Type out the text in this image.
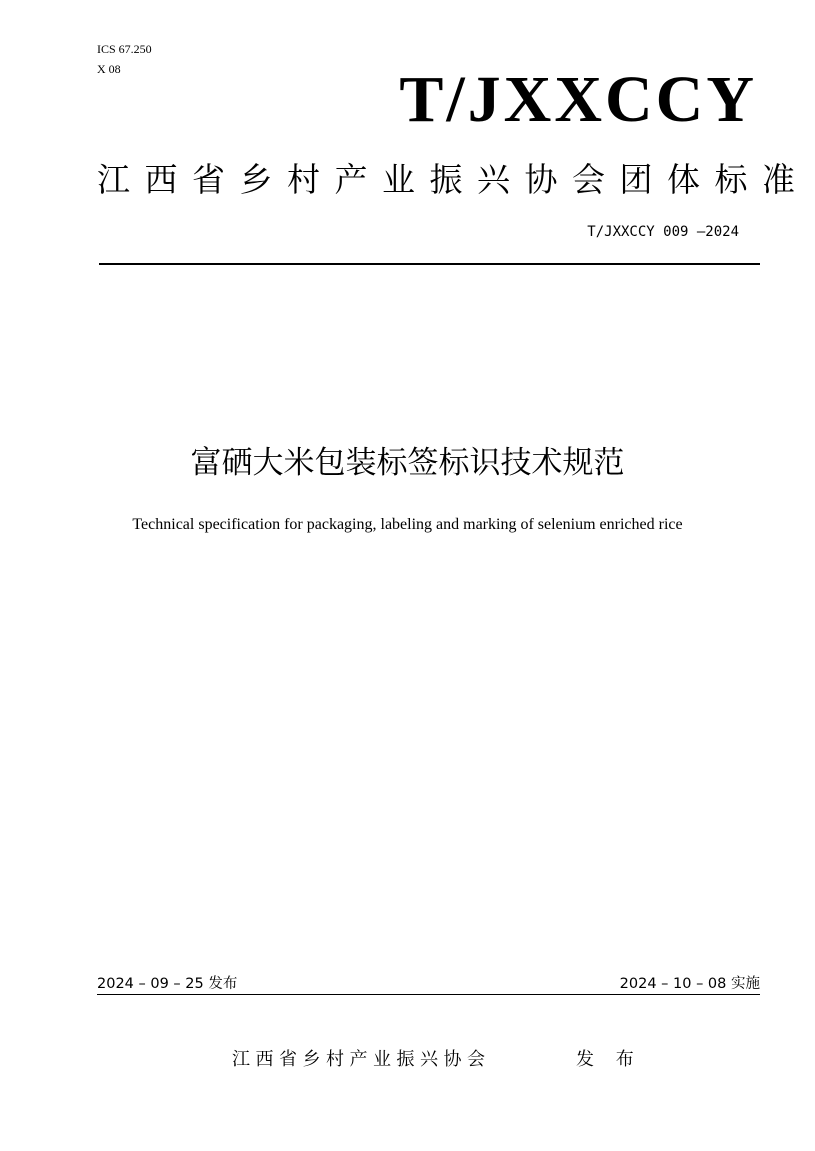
ICS 67.250
X 08	T/JXXCCY
江西省乡村产业振兴协会团体标准
T/JXXCCY 009 —2024
富硒大米包装标签标识技术规范
Technical specification for packaging, labeling and marking of selenium enriched rice
2024 – 09 – 25 发布	2024 – 10 – 08 实施
江西省乡村产业振兴协会	发 布
